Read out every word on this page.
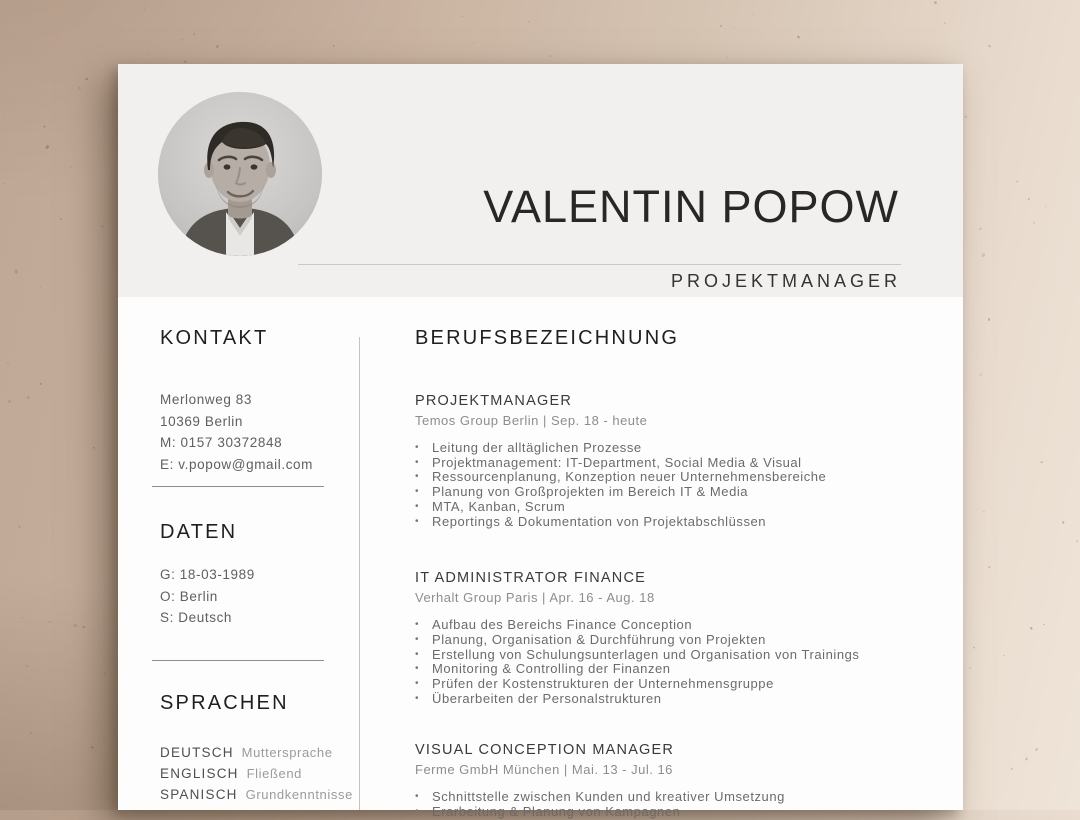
VALENTIN POPOW
PROJEKTMANAGER
KONTAKT
Merlonweg 83
10369 Berlin
M: 0157 30372848
E: v.popow@gmail.com
DATEN
G: 18-03-1989
O: Berlin
S: Deutsch
SPRACHEN
DEUTSCH Muttersprache
ENGLISCH Fließend
SPANISCH Grundkenntnisse
BERUFSBEZEICHNUNG
PROJEKTMANAGER
Temos Group Berlin | Sep. 18 - heute
• Leitung der alltäglichen Prozesse
• Projektmanagement: IT-Department, Social Media & Visual
• Ressourcenplanung, Konzeption neuer Unternehmensbereiche
• Planung von Großprojekten im Bereich IT & Media
• MTA, Kanban, Scrum
• Reportings & Dokumentation von Projektabschlüssen
IT ADMINISTRATOR FINANCE
Verhalt Group Paris | Apr. 16 - Aug. 18
• Aufbau des Bereichs Finance Conception
• Planung, Organisation & Durchführung von Projekten
• Erstellung von Schulungsunterlagen und Organisation von Trainings
• Monitoring & Controlling der Finanzen
• Prüfen der Kostenstrukturen der Unternehmensgruppe
• Überarbeiten der Personalstrukturen
VISUAL CONCEPTION MANAGER
Ferme GmbH München | Mai. 13 - Jul. 16
• Schnittstelle zwischen Kunden und kreativer Umsetzung
• Erarbeitung & Planung von Kampagnen
